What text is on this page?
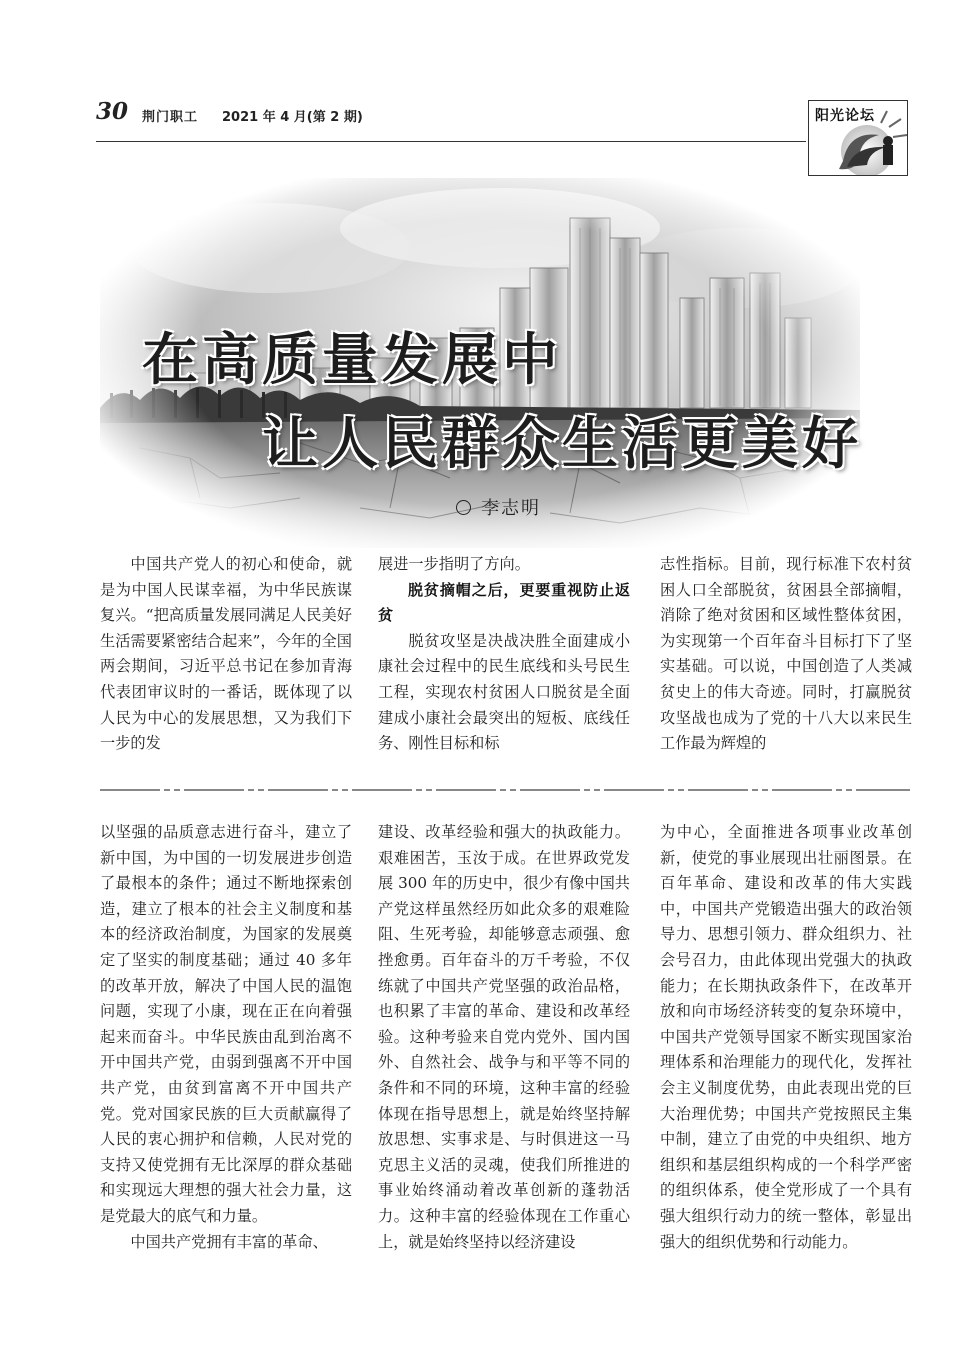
30 荆门职工 2021 年 4 月(第 2 期)	阳光论坛
在高质量发展中
让人民群众生活更美好
李志明

中国共产党人的初心和使命，就是为中国人民谋幸福，为中华民族谋复兴。“把高质量发展同满足人民美好生活需要紧密结合起来”，今年的全国两会期间，习近平总书记在参加青海代表团审议时的一番话，既体现了以人民为中心的发展思想，又为我们下一步的发

展进一步指明了方向。

脱贫摘帽之后，更要重视防止返贫

脱贫攻坚是决战决胜全面建成小康社会过程中的民生底线和头号民生工程，实现农村贫困人口脱贫是全面建成小康社会最突出的短板、底线任务、刚性目标和标

志性指标。目前，现行标准下农村贫困人口全部脱贫，贫困县全部摘帽，消除了绝对贫困和区域性整体贫困，为实现第一个百年奋斗目标打下了坚实基础。可以说，中国创造了人类减贫史上的伟大奇迹。同时，打赢脱贫攻坚战也成为了党的十八大以来民生工作最为辉煌的

以坚强的品质意志进行奋斗，建立了新中国，为中国的一切发展进步创造了最根本的条件；通过不断地探索创造，建立了根本的社会主义制度和基本的经济政治制度，为国家的发展奠定了坚实的制度基础；通过 40 多年的改革开放，解决了中国人民的温饱问题，实现了小康，现在正在向着强起来而奋斗。中华民族由乱到治离不开中国共产党，由弱到强离不开中国共产党，由贫到富离不开中国共产党。党对国家民族的巨大贡献赢得了人民的衷心拥护和信赖，人民对党的支持又使党拥有无比深厚的群众基础和实现远大理想的强大社会力量，这是党最大的底气和力量。

中国共产党拥有丰富的革命、

建设、改革经验和强大的执政能力。艰难困苦，玉汝于成。在世界政党发展 300 年的历史中，很少有像中国共产党这样虽然经历如此众多的艰难险阻、生死考验，却能够意志顽强、愈挫愈勇。百年奋斗的万千考验，不仅练就了中国共产党坚强的政治品格，也积累了丰富的革命、建设和改革经验。这种考验来自党内党外、国内国外、自然社会、战争与和平等不同的条件和不同的环境，这种丰富的经验体现在指导思想上，就是始终坚持解放思想、实事求是、与时俱进这一马克思主义活的灵魂，使我们所推进的事业始终涌动着改革创新的蓬勃活力。这种丰富的经验体现在工作重心上，就是始终坚持以经济建设

为中心，全面推进各项事业改革创新，使党的事业展现出壮丽图景。在百年革命、建设和改革的伟大实践中，中国共产党锻造出强大的政治领导力、思想引领力、群众组织力、社会号召力，由此体现出党强大的执政能力；在长期执政条件下，在改革开放和向市场经济转变的复杂环境中，中国共产党领导国家不断实现国家治理体系和治理能力的现代化，发挥社会主义制度优势，由此表现出党的巨大治理优势；中国共产党按照民主集中制，建立了由党的中央组织、地方组织和基层组织构成的一个科学严密的组织体系，使全党形成了一个具有强大组织行动力的统一整体，彰显出强大的组织优势和行动能力。
